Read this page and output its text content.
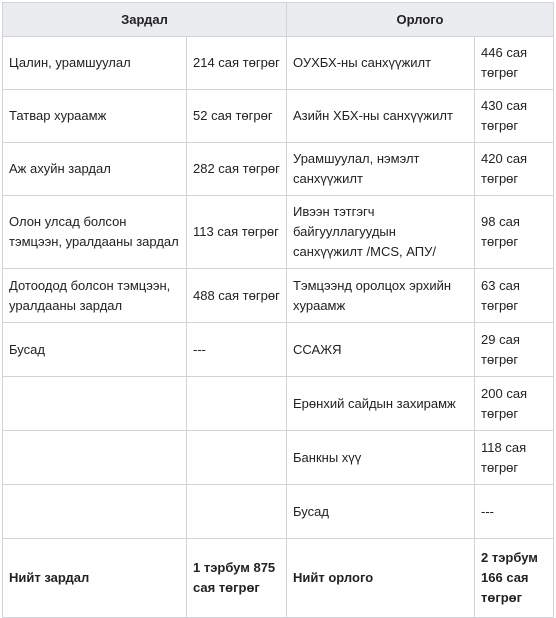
Зардал		Орлого	
Цалин, урамшуулал	214 сая төгрөг	ОУХБХ-ны санхүүжилт	446 сая төгрөг
Татвар хураамж	52 сая төгрөг	Азийн ХБХ-ны санхүүжилт	430 сая төгрөг
Аж ахуйн зардал	282 сая төгрөг	Урамшуулал, нэмэлт санхүүжилт	420 сая төгрөг
Олон улсад болсон тэмцээн, уралдааны зардал	113 сая төгрөг	Ивээн тэтгэгч байгууллагуудын санхүүжилт /MCS, АПУ/	98 сая төгрөг
Дотоодод болсон тэмцээн, уралдааны зардал	488 сая төгрөг	Тэмцээнд оролцох эрхийн хураамж	63 сая төгрөг
Бусад	---	ССАЖЯ	29 сая төгрөг
		Ерөнхий сайдын захирамж	200 сая төгрөг
		Банкны хүү	118 сая төгрөг
		Бусад	---
Нийт зардал	1 тэрбум 875 сая төгрөг	Нийт орлого	2 тэрбум 166 сая төгрөг
